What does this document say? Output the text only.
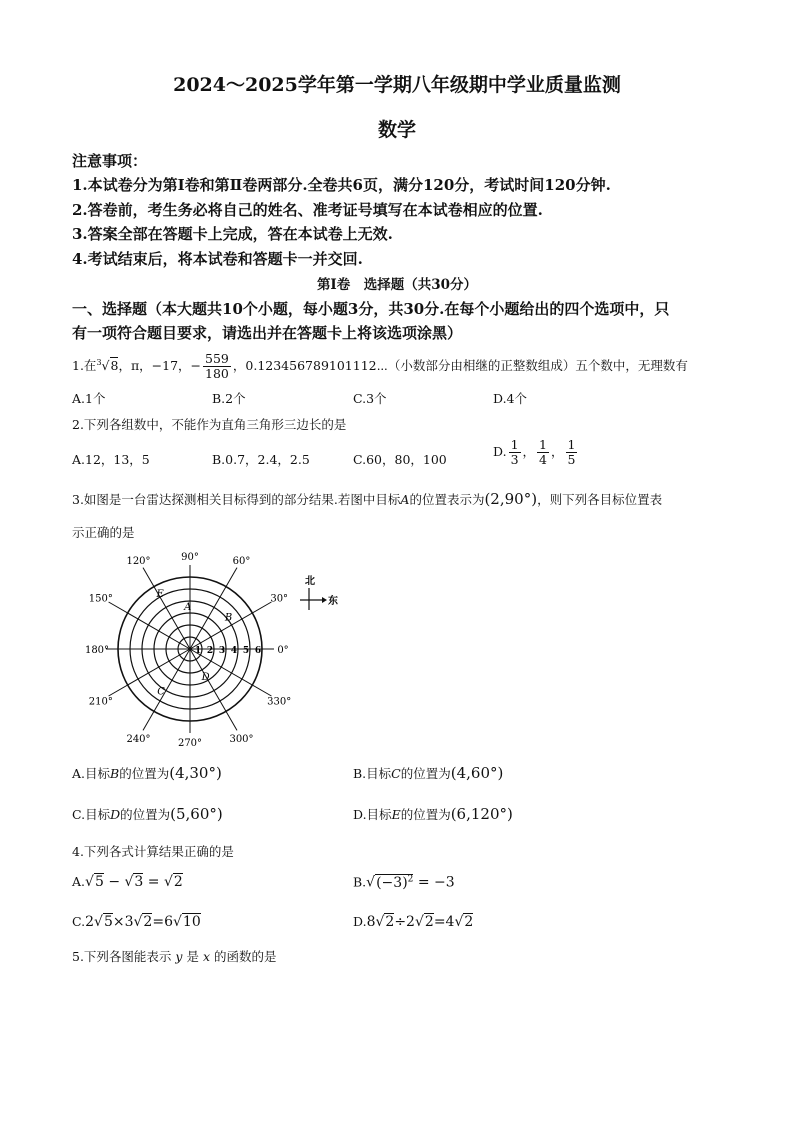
2024～2025学年第一学期八年级期中学业质量监测
数学
注意事项：
1.本试卷分为第Ⅰ卷和第Ⅱ卷两部分.全卷共6页，满分120分，考试时间120分钟.
2.答卷前，考生务必将自己的姓名、准考证号填写在本试卷相应的位置.
3.答案全部在答题卡上完成，答在本试卷上无效.
4.考试结束后，将本试卷和答题卡一并交回.
第Ⅰ卷　选择题（共30分）
一、选择题（本大题共10个小题，每小题3分，共30分.在每个小题给出的四个选项中，只
有一项符合题目要求，请选出并在答题卡上将该选项涂黑）
1.在$^3$√8，π，−17，− $\frac{559}{180}$ ，0.123456789101112⋯（小数部分由相继的正整数组成）五个数中，无理数有
A.1个	B.2个	C.3个	D.4个
2.下列各组数中，不能作为直角三角形三边长的是
A.12，13，5	B.0.7，2.4，2.5	C.60，80，100
D. $\frac{1}{3}$ ， $\frac{1}{4}$ ， $\frac{1}{5}$
3.如图是一台雷达探测相关目标得到的部分结果.若图中目标A的位置表示为(2,90°)，则下列各目标位置表
示正确的是
0°
30°
60°
90°
120°
150°
180°
210°
240°	270°	300°
330°
1 2 3 4 5 6
A
B
C
D
E
北
东
A.目标B的位置为(4,30°)	B.目标C的位置为(4,60°)
C.目标D的位置为(5,60°)	D.目标E的位置为(6,120°)
4.下列各式计算结果正确的是
A.√5 − √3 = √2	$B.√(-3)^2 = -3$
C.2√5×3√2=6√10	D.8√2÷2√2=4√2
5.下列各图能表示 y 是 x 的函数的是
